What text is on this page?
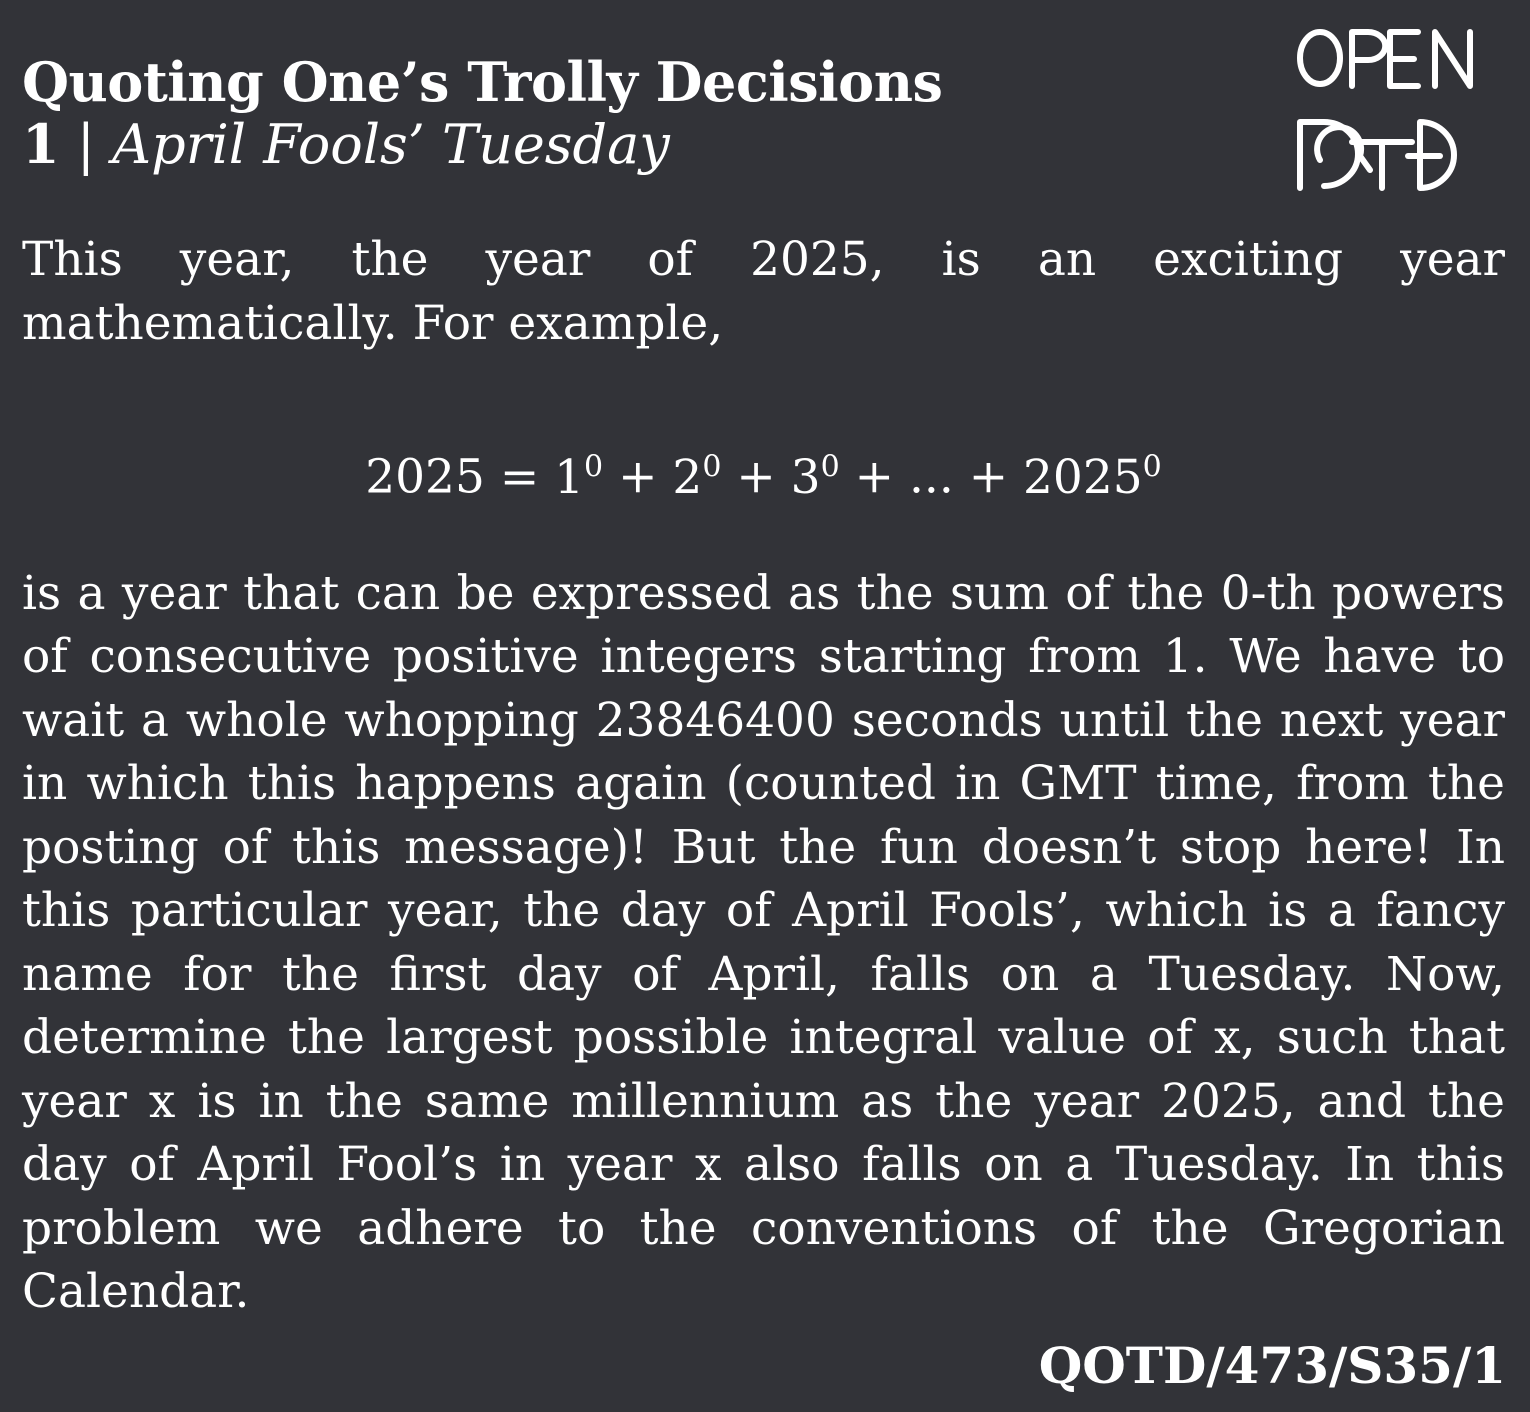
Quoting One’s Trolly Decisions
1 | April Fools’ Tuesday

This year, the year of 2025, is an exciting year mathematically. For example,

$2025 = 1^0 + 2^0 + 3^0$ + ... + $2025^0$

is a year that can be expressed as the sum of the 0-th powers of consecutive positive integers starting from 1. We have to wait a whole whopping 23846400 seconds until the next year in which this happens again (counted in GMT time, from the posting of this message)! But the fun doesn’t stop here! In this particular year, the day of April Fools’, which is a fancy name for the first day of April, falls on a Tuesday. Now, determine the largest possible integral value of x, such that year x is in the same millennium as the year 2025, and the day of April Fool’s in year x also falls on a Tuesday. In this problem we adhere to the conventions of the Gregorian Calendar.

QOTD/473/S35/1
